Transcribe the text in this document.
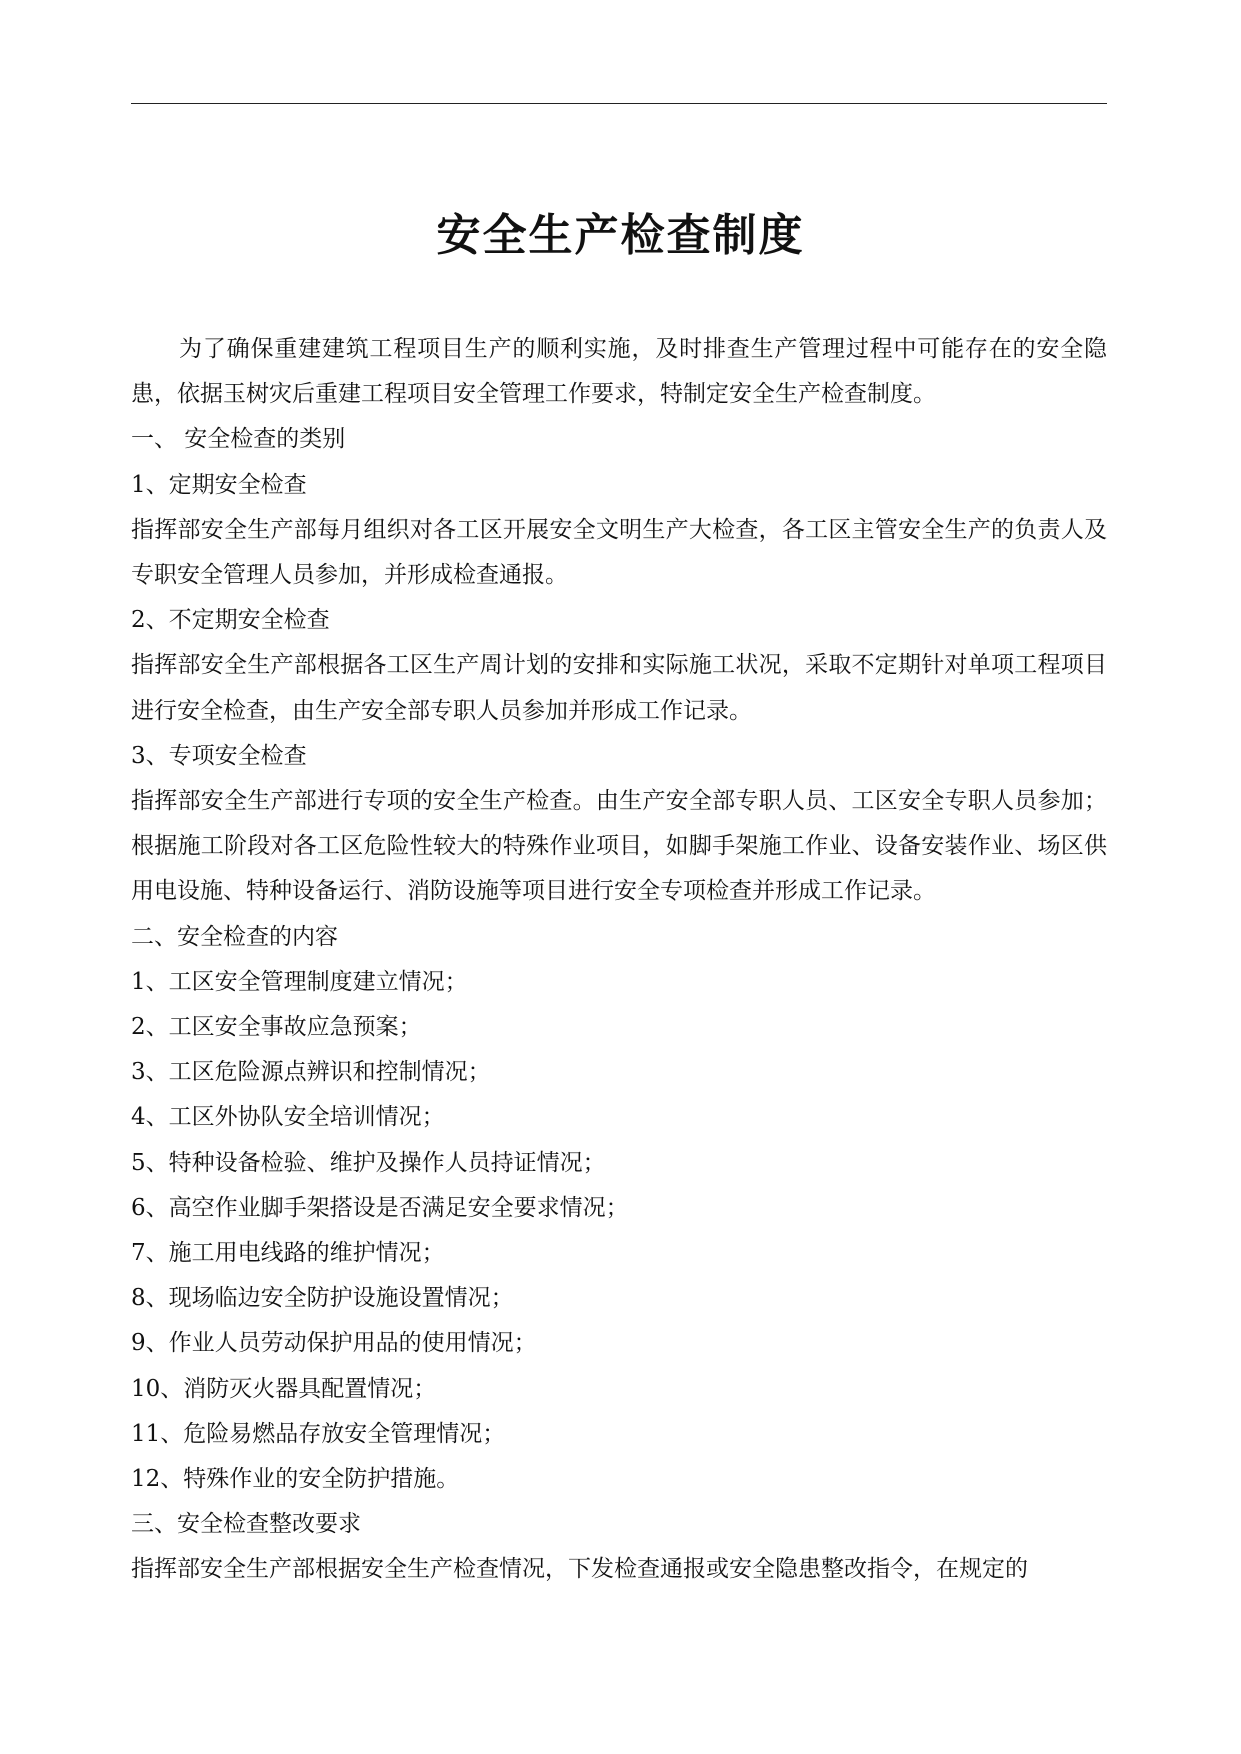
安全生产检查制度

为了确保重建建筑工程项目生产的顺利实施，及时排查生产管理过程中可能存在的安全隐患，依据玉树灾后重建工程项目安全管理工作要求，特制定安全生产检查制度。

一、 安全检查的类别

1、定期安全检查

指挥部安全生产部每月组织对各工区开展安全文明生产大检查，各工区主管安全生产的负责人及专职安全管理人员参加，并形成检查通报。

2、不定期安全检查

指挥部安全生产部根据各工区生产周计划的安排和实际施工状况，采取不定期针对单项工程项目进行安全检查，由生产安全部专职人员参加并形成工作记录。

3、专项安全检查

指挥部安全生产部进行专项的安全生产检查。由生产安全部专职人员、工区安全专职人员参加；根据施工阶段对各工区危险性较大的特殊作业项目，如脚手架施工作业、设备安装作业、场区供用电设施、特种设备运行、消防设施等项目进行安全专项检查并形成工作记录。

二、安全检查的内容

1、工区安全管理制度建立情况；

2、工区安全事故应急预案；

3、工区危险源点辨识和控制情况；

4、工区外协队安全培训情况；

5、特种设备检验、维护及操作人员持证情况；

6、高空作业脚手架搭设是否满足安全要求情况；

7、施工用电线路的维护情况；

8、现场临边安全防护设施设置情况；

9、作业人员劳动保护用品的使用情况；

10、消防灭火器具配置情况；

11、危险易燃品存放安全管理情况；

12、特殊作业的安全防护措施。

三、安全检查整改要求

指挥部安全生产部根据安全生产检查情况，下发检查通报或安全隐患整改指令，在规定的
